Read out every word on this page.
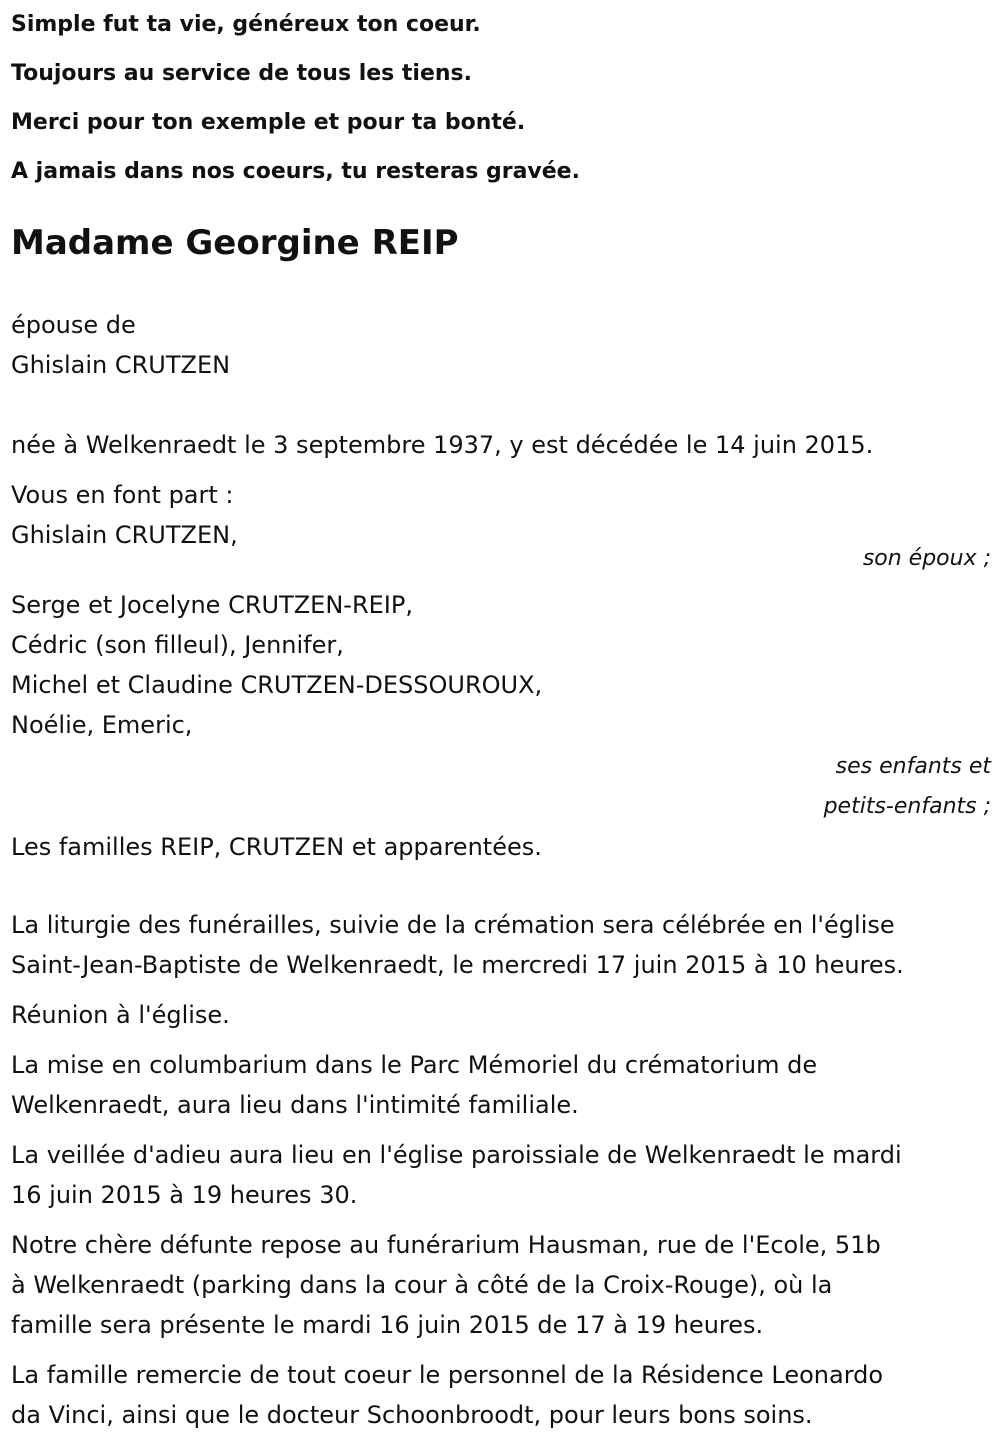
Simple fut ta vie, généreux ton coeur.

Toujours au service de tous les tiens.

Merci pour ton exemple et pour ta bonté.

A jamais dans nos coeurs, tu resteras gravée.

Madame Georgine REIP

épouse de

Ghislain CRUTZEN

née à Welkenraedt le 3 septembre 1937, y est décédée le 14 juin 2015.

Vous en font part :

Ghislain CRUTZEN,

son époux ;

Serge et Jocelyne CRUTZEN-REIP,

Cédric (son filleul), Jennifer,

Michel et Claudine CRUTZEN-DESSOUROUX,

Noélie, Emeric,

ses enfants et

petits-enfants ;

Les familles REIP, CRUTZEN et apparentées.

La liturgie des funérailles, suivie de la crémation sera célébrée en l'église
Saint-Jean-Baptiste de Welkenraedt, le mercredi 17 juin 2015 à 10 heures.
Réunion à l'église.
La mise en columbarium dans le Parc Mémoriel du crématorium de
Welkenraedt, aura lieu dans l'intimité familiale.
La veillée d'adieu aura lieu en l'église paroissiale de Welkenraedt le mardi
16 juin 2015 à 19 heures 30.
Notre chère défunte repose au funérarium Hausman, rue de l'Ecole, 51b
à Welkenraedt (parking dans la cour à côté de la Croix-Rouge), où la
famille sera présente le mardi 16 juin 2015 de 17 à 19 heures.
La famille remercie de tout coeur le personnel de la Résidence Leonardo
da Vinci, ainsi que le docteur Schoonbroodt, pour leurs bons soins.
